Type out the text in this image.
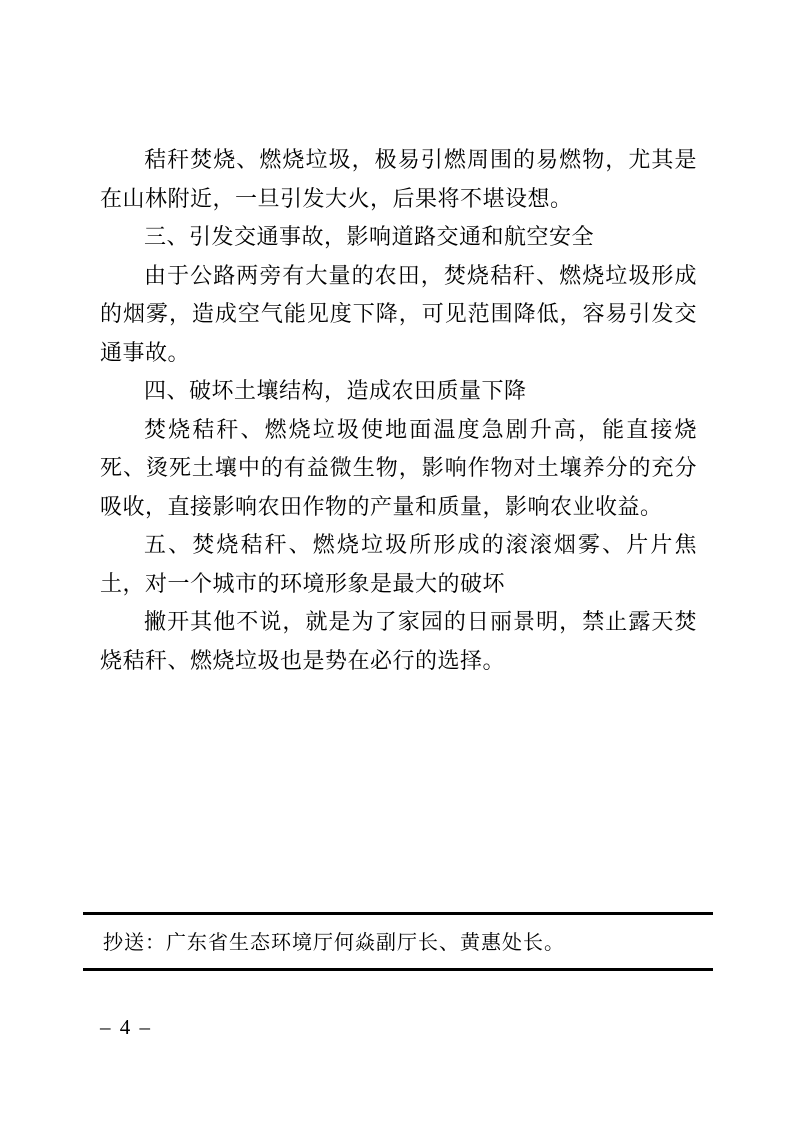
秸秆焚烧、燃烧垃圾，极易引燃周围的易燃物，尤其是在山林附近，一旦引发大火，后果将不堪设想。

三、引发交通事故，影响道路交通和航空安全

由于公路两旁有大量的农田，焚烧秸秆、燃烧垃圾形成的烟雾，造成空气能见度下降，可见范围降低，容易引发交通事故。

四、破坏土壤结构，造成农田质量下降

焚烧秸秆、燃烧垃圾使地面温度急剧升高，能直接烧死、烫死土壤中的有益微生物，影响作物对土壤养分的充分吸收，直接影响农田作物的产量和质量，影响农业收益。

五、焚烧秸秆、燃烧垃圾所形成的滚滚烟雾、片片焦土，对一个城市的环境形象是最大的破坏

撇开其他不说，就是为了家园的日丽景明，禁止露天焚烧秸秆、燃烧垃圾也是势在必行的选择。

抄送：广东省生态环境厅何焱副厅长、黄惠处长。
– 4 –
